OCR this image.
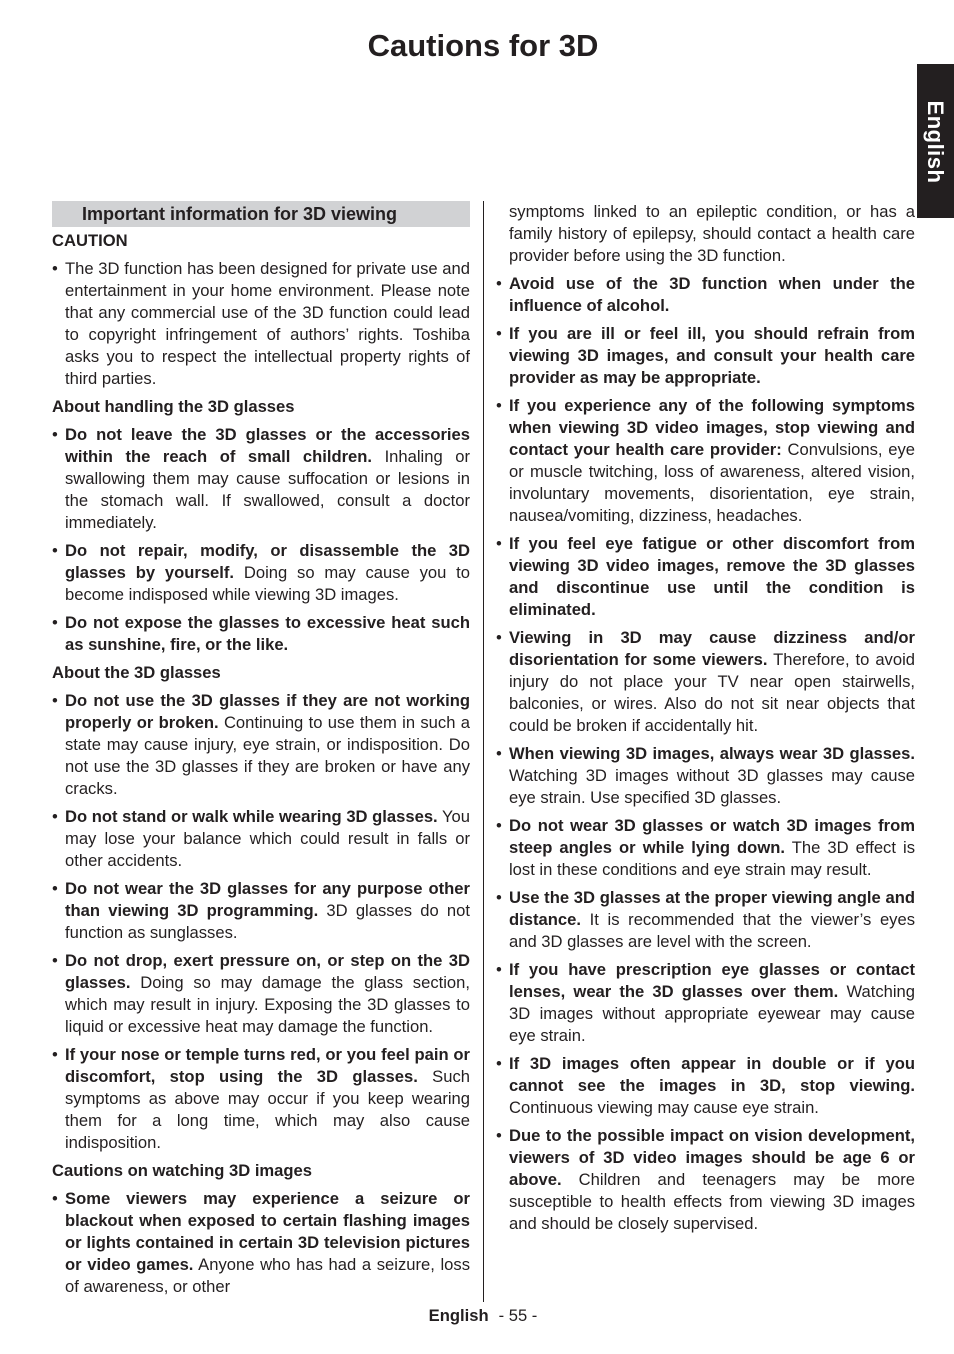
Cautions for 3D
English
Important information for 3D viewing
CAUTION
• The 3D function has been designed for private use and entertainment in your home environment. Please note that any commercial use of the 3D function could lead to copyright infringement of authors’ rights. Toshiba asks you to respect the intellectual property rights of third parties.
About handling the 3D glasses
• Do not leave the 3D glasses or the accessories within the reach of small children. Inhaling or swallowing them may cause suffocation or lesions in the stomach wall. If swallowed, consult a doctor immediately.
• Do not repair, modify, or disassemble the 3D glasses by yourself. Doing so may cause you to become indisposed while viewing 3D images.
• Do not expose the glasses to excessive heat such as sunshine, fire, or the like.
About the 3D glasses
• Do not use the 3D glasses if they are not working properly or broken. Continuing to use them in such a state may cause injury, eye strain, or indisposition. Do not use the 3D glasses if they are broken or have any cracks.
• Do not stand or walk while wearing 3D glasses. You may lose your balance which could result in falls or other accidents.
• Do not wear the 3D glasses for any purpose other than viewing 3D programming. 3D glasses do not function as sunglasses.
• Do not drop, exert pressure on, or step on the 3D glasses. Doing so may damage the glass section, which may result in injury. Exposing the 3D glasses to liquid or excessive heat may damage the function.
• If your nose or temple turns red, or you feel pain or discomfort, stop using the 3D glasses. Such symptoms as above may occur if you keep wearing them for a long time, which may also cause indisposition.
Cautions on watching 3D images
• Some viewers may experience a seizure or blackout when exposed to certain flashing images or lights contained in certain 3D television pictures or video games. Anyone who has had a seizure, loss of awareness, or other

symptoms linked to an epileptic condition, or has a family history of epilepsy, should contact a health care provider before using the 3D function.

• Avoid use of the 3D function when under the influence of alcohol.
• If you are ill or feel ill, you should refrain from viewing 3D images, and consult your health care provider as may be appropriate.
• If you experience any of the following symptoms when viewing 3D video images, stop viewing and contact your health care provider: Convulsions, eye or muscle twitching, loss of awareness, altered vision, involuntary movements, disorientation, eye strain, nausea/vomiting, dizziness, headaches.
• If you feel eye fatigue or other discomfort from viewing 3D video images, remove the 3D glasses and discontinue use until the condition is eliminated.
• Viewing in 3D may cause dizziness and/or disorientation for some viewers. Therefore, to avoid injury do not place your TV near open stairwells, balconies, or wires. Also do not sit near objects that could be broken if accidentally hit.
• When viewing 3D images, always wear 3D glasses. Watching 3D images without 3D glasses may cause eye strain. Use specified 3D glasses.
• Do not wear 3D glasses or watch 3D images from steep angles or while lying down. The 3D effect is lost in these conditions and eye strain may result.
• Use the 3D glasses at the proper viewing angle and distance. It is recommended that the viewer’s eyes and 3D glasses are level with the screen.
• If you have prescription eye glasses or contact lenses, wear the 3D glasses over them. Watching 3D images without appropriate eyewear may cause eye strain.
• If 3D images often appear in double or if you cannot see the images in 3D, stop viewing. Continuous viewing may cause eye strain.
• Due to the possible impact on vision development, viewers of 3D video images should be age 6 or above. Children and teenagers may be more susceptible to health effects from viewing 3D images and should be closely supervised.
English - 55 -
